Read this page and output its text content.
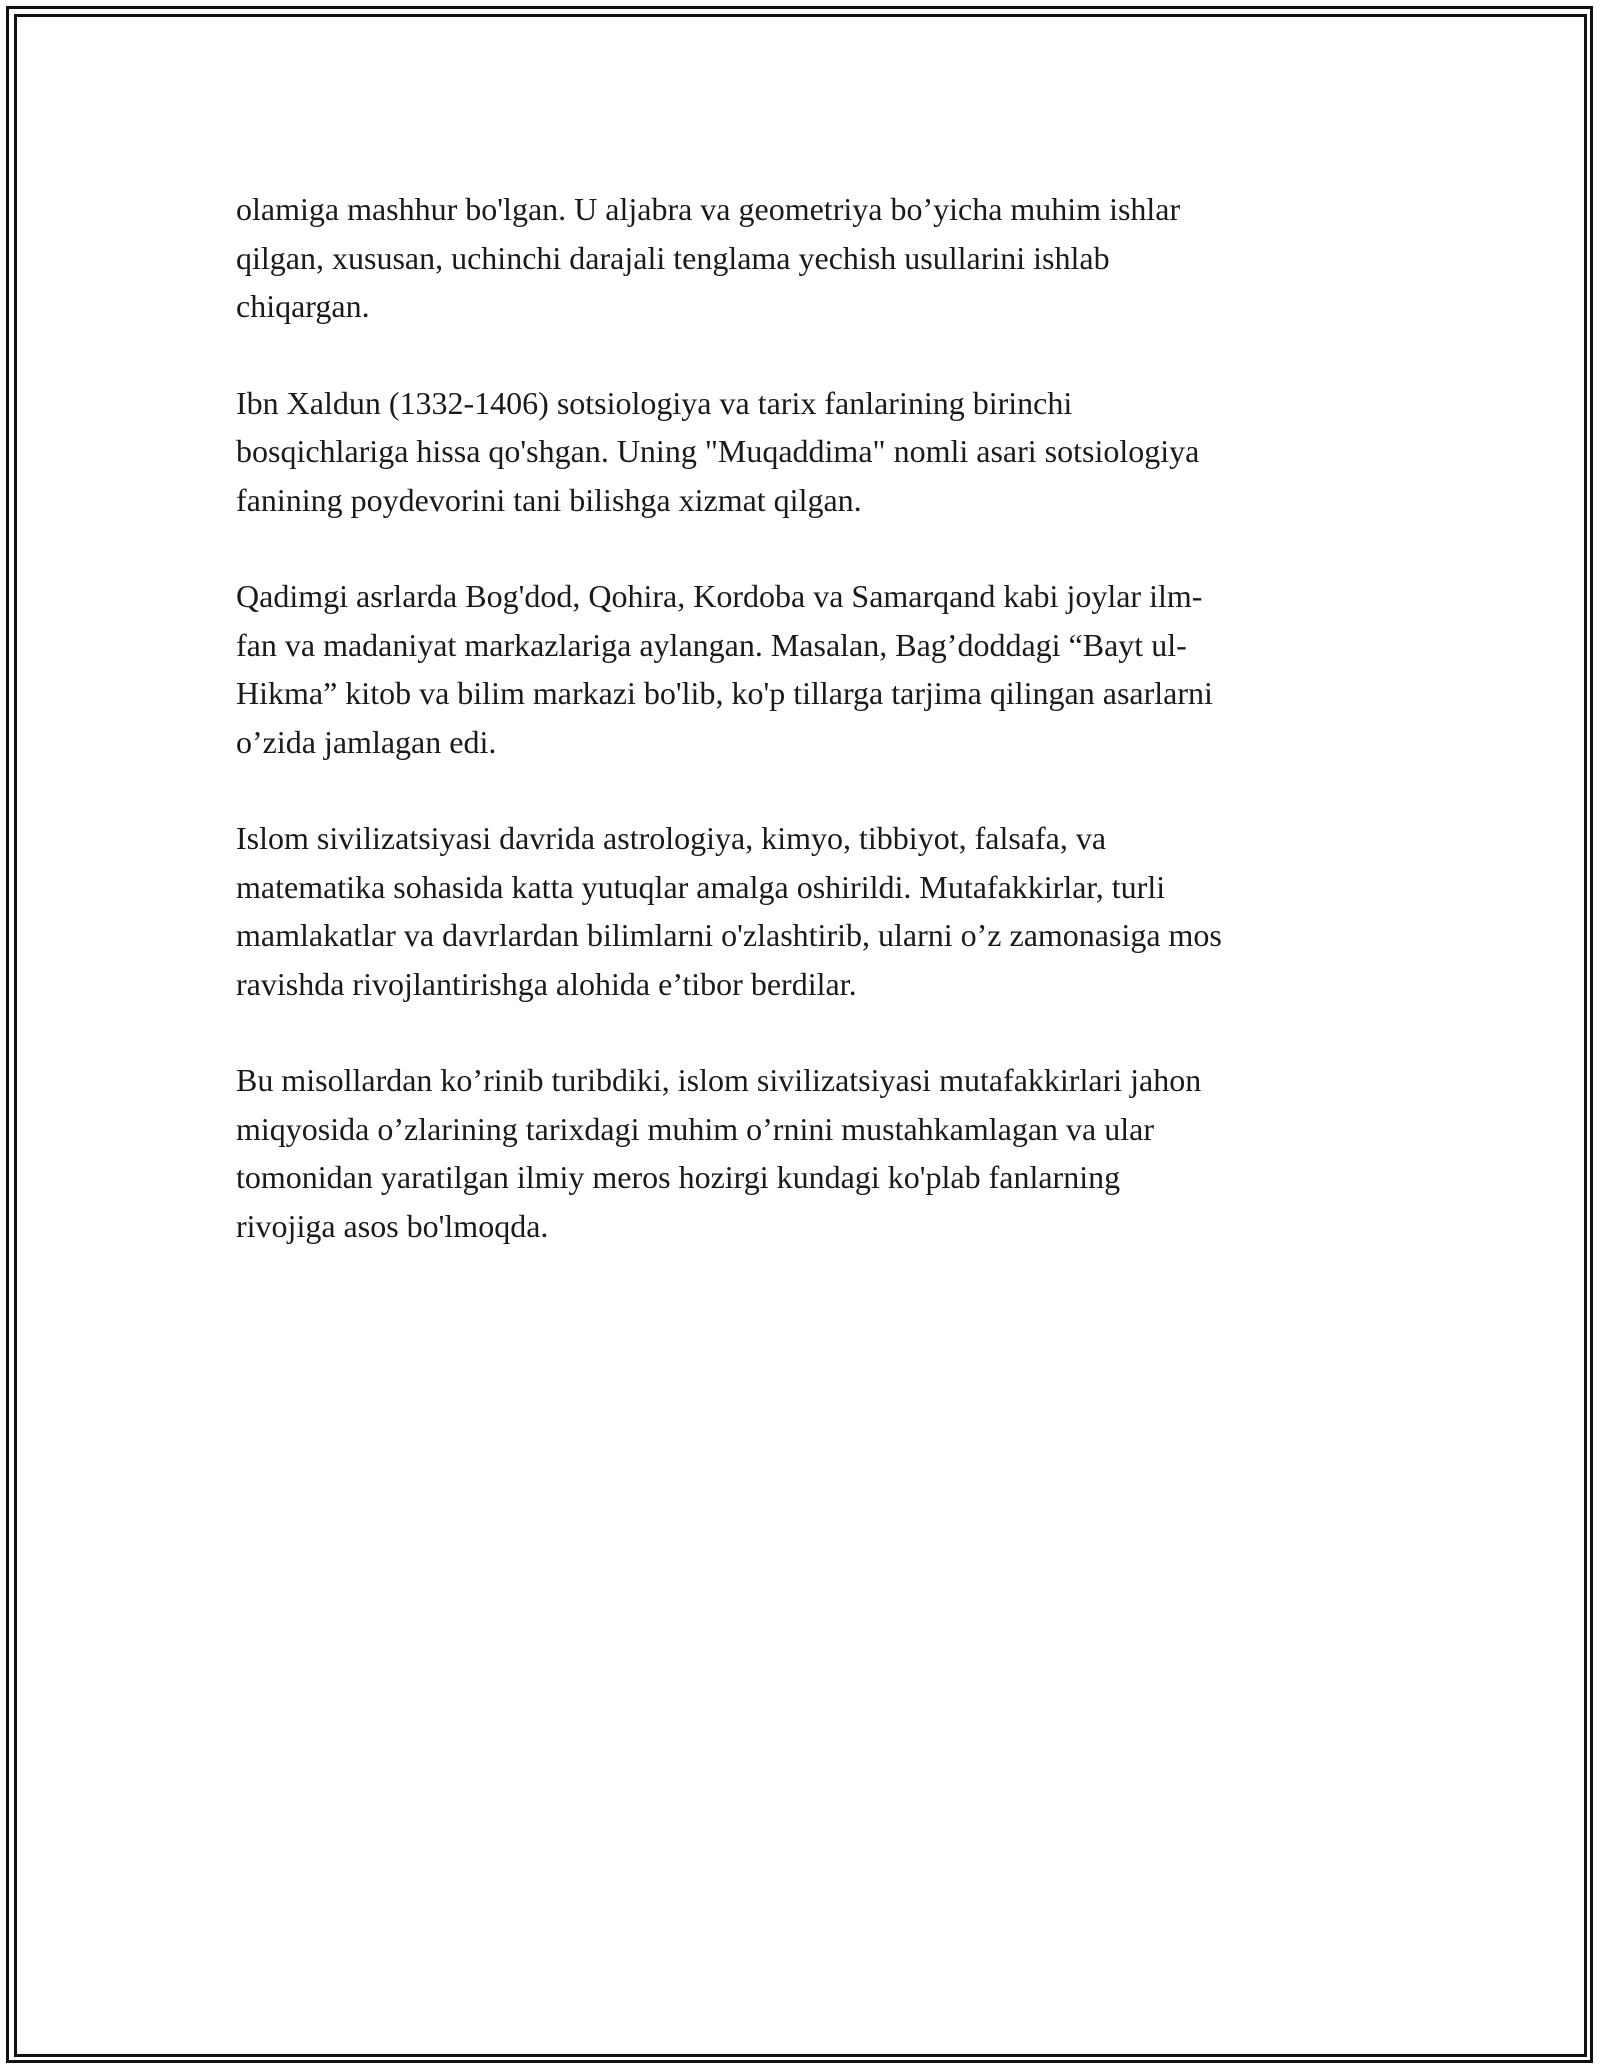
olamiga mashhur bo'lgan. U aljabra va geometriya bo’yicha muhim ishlar
qilgan, xususan, uchinchi darajali tenglama yechish usullarini ishlab
chiqargan.

Ibn Xaldun (1332-1406) sotsiologiya va tarix fanlarining birinchi
bosqichlariga hissa qo'shgan. Uning "Muqaddima" nomli asari sotsiologiya
fanining poydevorini tani bilishga xizmat qilgan.

Qadimgi asrlarda Bog'dod, Qohira, Kordoba va Samarqand kabi joylar ilm-
fan va madaniyat markazlariga aylangan. Masalan, Bag’doddagi “Bayt ul-
Hikma” kitob va bilim markazi bo'lib, ko'p tillarga tarjima qilingan asarlarni
o’zida jamlagan edi.

Islom sivilizatsiyasi davrida astrologiya, kimyo, tibbiyot, falsafa, va
matematika sohasida katta yutuqlar amalga oshirildi. Mutafakkirlar, turli
mamlakatlar va davrlardan bilimlarni o'zlashtirib, ularni o’z zamonasiga mos
ravishda rivojlantirishga alohida e’tibor berdilar.

Bu misollardan ko’rinib turibdiki, islom sivilizatsiyasi mutafakkirlari jahon
miqyosida o’zlarining tarixdagi muhim o’rnini mustahkamlagan va ular
tomonidan yaratilgan ilmiy meros hozirgi kundagi ko'plab fanlarning
rivojiga asos bo'lmoqda.
